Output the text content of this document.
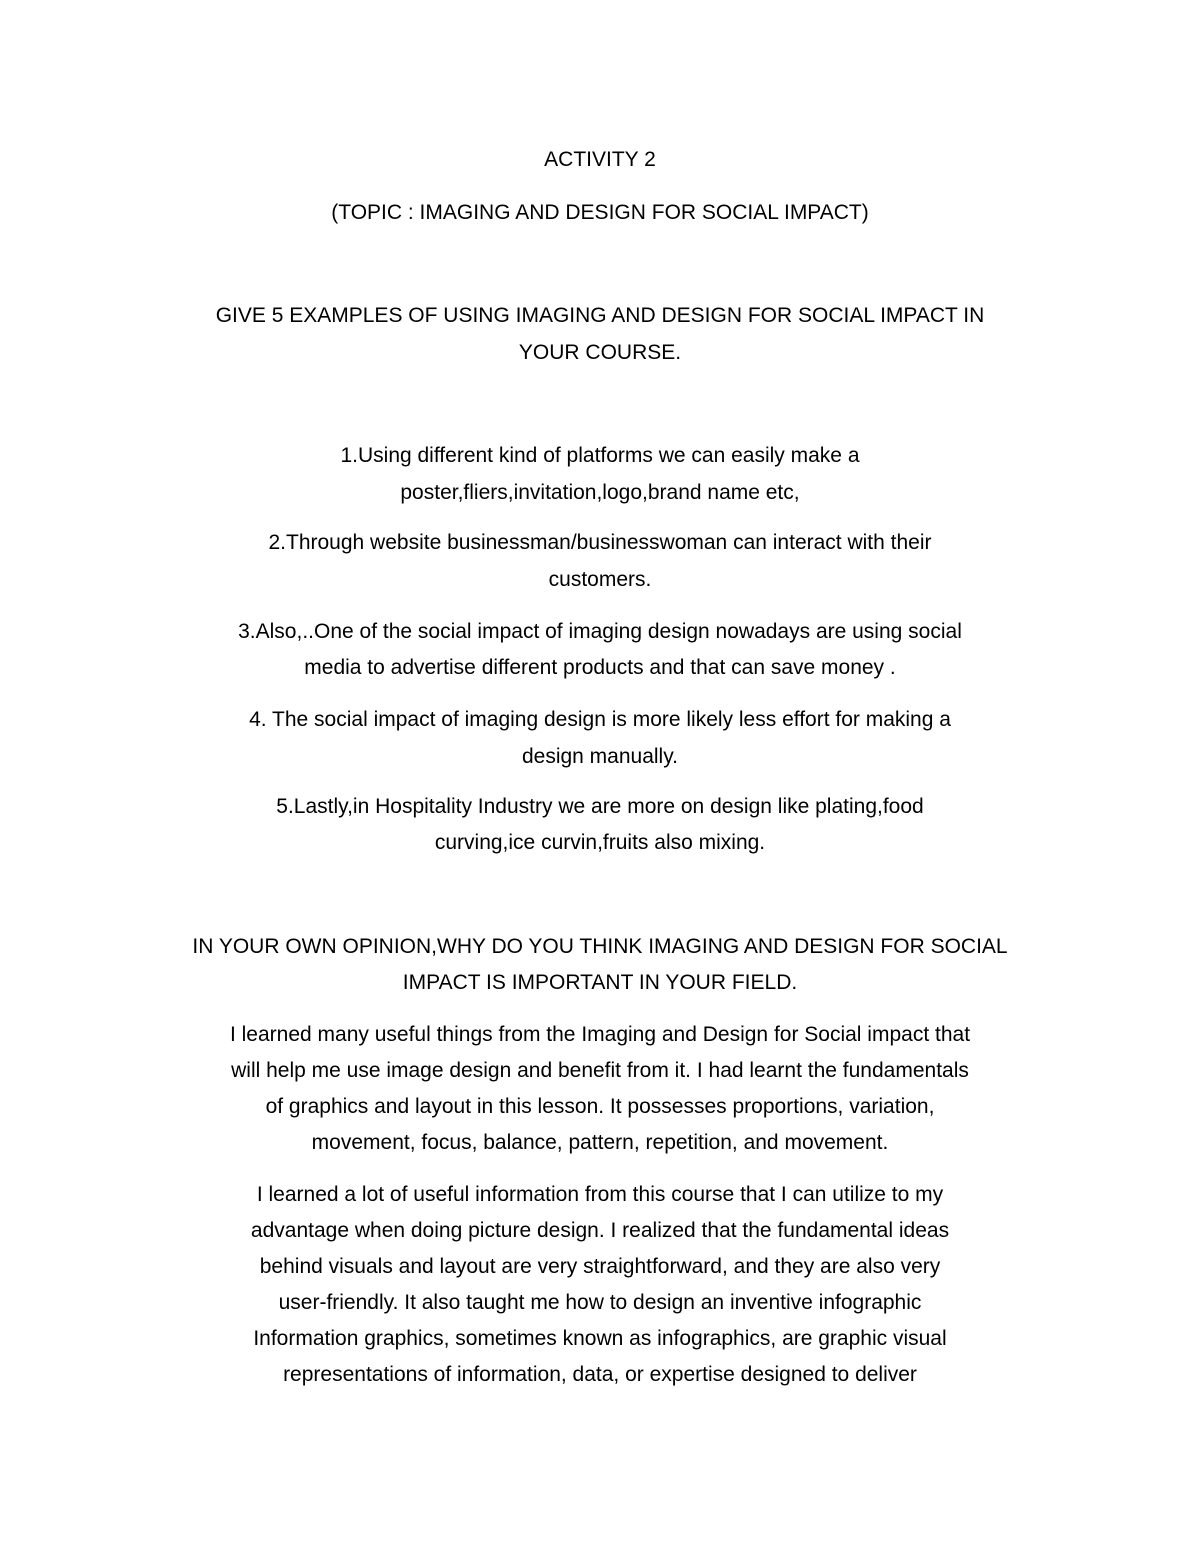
ACTIVITY 2
(TOPIC : IMAGING AND DESIGN FOR SOCIAL IMPACT)
GIVE 5 EXAMPLES OF USING IMAGING AND DESIGN FOR SOCIAL IMPACT IN
YOUR COURSE.
1.Using different kind of platforms we can easily make a
poster,fliers,invitation,logo,brand name etc,
2.Through website businessman/businesswoman can interact with their
customers.
3.Also,..One of the social impact of imaging design nowadays are using social
media to advertise different products and that can save money .
4. The social impact of imaging design is more likely less effort for making a
design manually.
5.Lastly,in Hospitality Industry we are more on design like plating,food
curving,ice curvin,fruits also mixing.
IN YOUR OWN OPINION,WHY DO YOU THINK IMAGING AND DESIGN FOR SOCIAL
IMPACT IS IMPORTANT IN YOUR FIELD.
I learned many useful things from the Imaging and Design for Social impact that
will help me use image design and benefit from it. I had learnt the fundamentals
of graphics and layout in this lesson. It possesses proportions, variation,
movement, focus, balance, pattern, repetition, and movement.
I learned a lot of useful information from this course that I can utilize to my
advantage when doing picture design. I realized that the fundamental ideas
behind visuals and layout are very straightforward, and they are also very
user-friendly. It also taught me how to design an inventive infographic
Information graphics, sometimes known as infographics, are graphic visual
representations of information, data, or expertise designed to deliver
